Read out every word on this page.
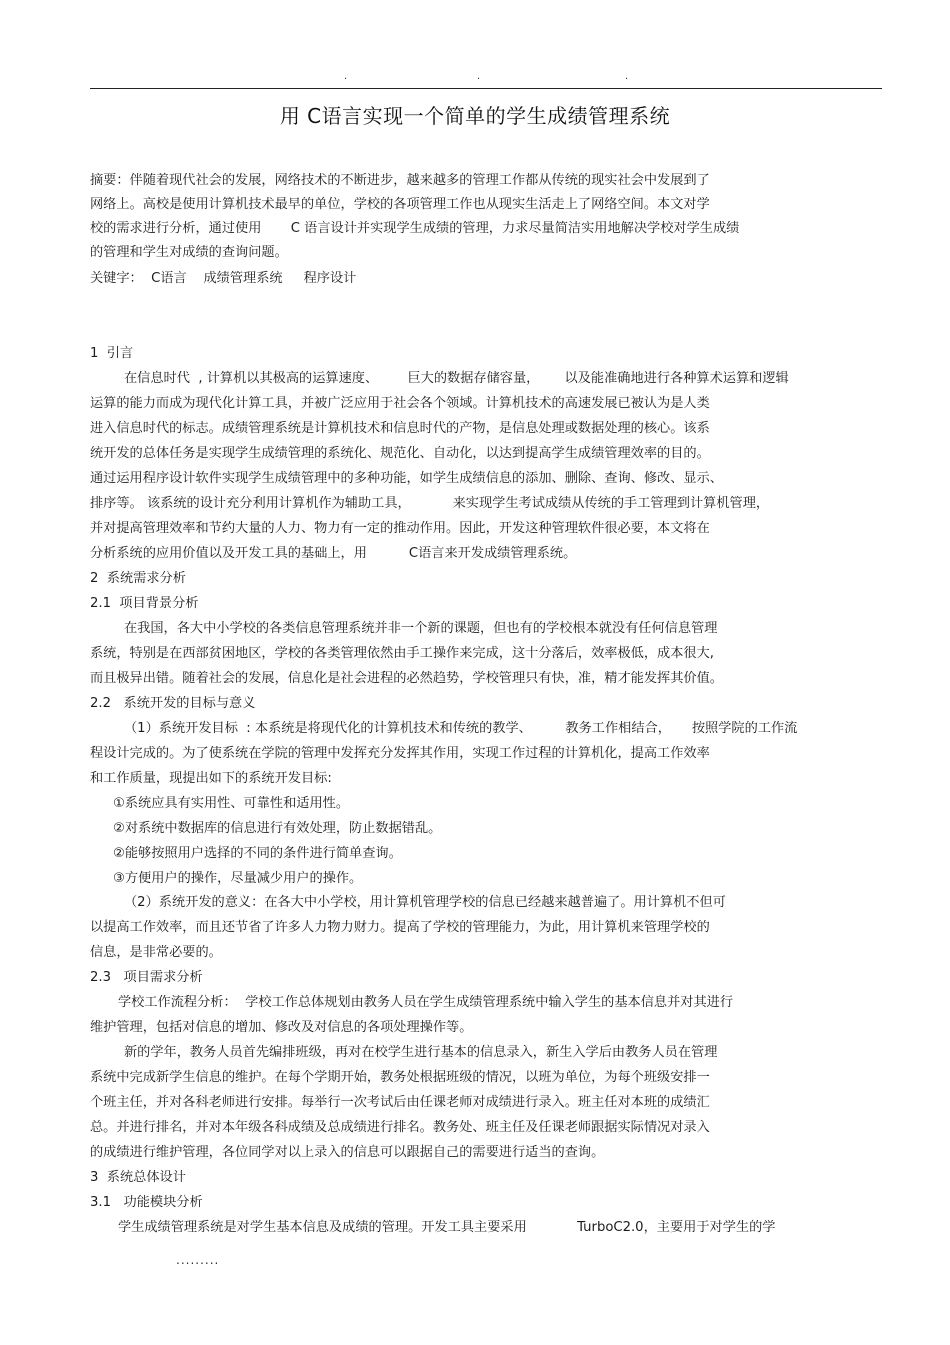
.	.	.
用 C语言实现一个简单的学生成绩管理系统
摘要：伴随着现代社会的发展，网络技术的不断进步，越来越多的管理工作都从传统的现实社会中发展到了
网络上。高校是使用计算机技术最早的单位，学校的各项管理工作也从现实生活走上了网络空间。本文对学
校的需求进行分析，通过使用       C 语言设计并实现学生成绩的管理，力求尽量简洁实用地解决学校对学生成绩
的管理和学生对成绩的查询问题。
关键字：  C语言    成绩管理系统     程序设计
1  引言
在信息时代  , 计算机以其极高的运算速度、       巨大的数据存储容量，      以及能准确地进行各种算术运算和逻辑
运算的能力而成为现代化计算工具，并被广泛应用于社会各个领域。计算机技术的高速发展已被认为是人类
进入信息时代的标志。成绩管理系统是计算机技术和信息时代的产物，是信息处理或数据处理的核心。该系
统开发的总体任务是实现学生成绩管理的系统化、规范化、自动化，以达到提高学生成绩管理效率的目的。
通过运用程序设计软件实现学生成绩管理中的多种功能，如学生成绩信息的添加、删除、查询、修改、显示、
排序等。 该系统的设计充分利用计算机作为辅助工具，          来实现学生考试成绩从传统的手工管理到计算机管理，
并对提高管理效率和节约大量的人力、物力有一定的推动作用。因此，开发这种管理软件很必要，本文将在
分析系统的应用价值以及开发工具的基础上，用          C语言来开发成绩管理系统。
2  系统需求分析
2.1  项目背景分析
在我国，各大中小学校的各类信息管理系统并非一个新的课题，但也有的学校根本就没有任何信息管理
系统，特别是在西部贫困地区，学校的各类管理依然由手工操作来完成，这十分落后，效率极低，成本很大,
而且极异出错。随着社会的发展，信息化是社会进程的必然趋势，学校管理只有快，准，精才能发挥其价值。
2.2   系统开发的目标与意义
（1）系统开发目标  : 本系统是将现代化的计算机技术和传统的教学、        教务工作相结合，     按照学院的工作流
程设计完成的。为了使系统在学院的管理中发挥充分发挥其作用，实现工作过程的计算机化，提高工作效率
和工作质量，现提出如下的系统开发目标:
①系统应具有实用性、可靠性和适用性。
②对系统中数据库的信息进行有效处理，防止数据错乱。
②能够按照用户选择的不同的条件进行简单查询。
③方便用户的操作，尽量减少用户的操作。
（2）系统开发的意义：在各大中小学校，用计算机管理学校的信息已经越来越普遍了。用计算机不但可
以提高工作效率，而且还节省了许多人力物力财力。提高了学校的管理能力，为此，用计算机来管理学校的
信息，是非常必要的。
2.3   项目需求分析
学校工作流程分析：  学校工作总体规划由教务人员在学生成绩管理系统中输入学生的基本信息并对其进行
维护管理，包括对信息的增加、修改及对信息的各项处理操作等。
新的学年，教务人员首先编排班级，再对在校学生进行基本的信息录入，新生入学后由教务人员在管理
系统中完成新学生信息的维护。在每个学期开始，教务处根据班级的情况，以班为单位，为每个班级安排一
个班主任，并对各科老师进行安排。每举行一次考试后由任课老师对成绩进行录入。班主任对本班的成绩汇
总。并进行排名，并对本年级各科成绩及总成绩进行排名。教务处、班主任及任课老师跟据实际情况对录入
的成绩进行维护管理，各位同学对以上录入的信息可以跟据自己的需要进行适当的查询。
3  系统总体设计
3.1   功能模块分析
学生成绩管理系统是对学生基本信息及成绩的管理。开发工具主要采用            TurboC2.0，主要用于对学生的学
.........
